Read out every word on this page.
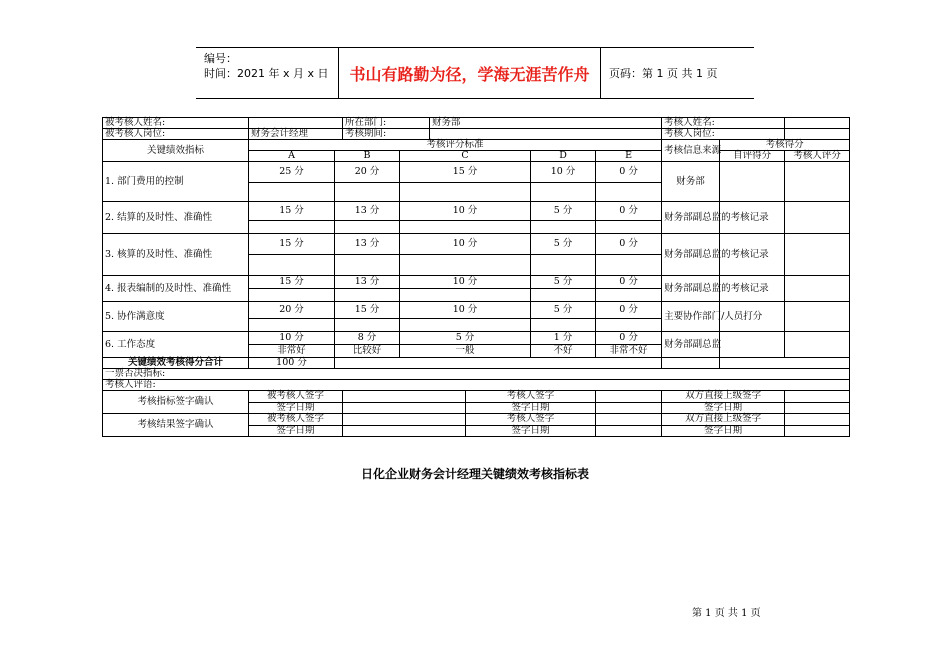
编号：
时间：2021 年 x 月 x 日	书山有路勤为径，学海无涯苦作舟	页码：第 1 页 共 1 页
被考核人姓名:			所在部门:		财务部				考核人姓名:		
被考核人岗位:	财务会计经理		考核期间:						考核人岗位:		
关键绩效指标	考核评分标准								考核信息来源	考核得分	
	A	B		C			D	E		自评得分	考核人评分
1. 部门费用的控制	25 分	20 分		15 分			10 分	0 分	财务部		

2. 结算的及时性、准确性	15 分	13 分		10 分			5 分	0 分	财务部副总监的考核记录		

3. 核算的及时性、准确性	15 分	13 分		10 分			5 分	0 分	财务部副总监的考核记录		

4. 报表编制的及时性、准确性	15 分	13 分		10 分			5 分	0 分	财务部副总监的考核记录		

5. 协作满意度	20 分	15 分		10 分			5 分	0 分	主要协作部门/人员打分		

6. 工作态度	10 分	8 分		5 分			1 分	0 分	财务部副总监		
	非常好	比较好		一般			不好	非常不好			
关键绩效考核得分合计	100 分										
一票否决指标:											
考核人评语:											
考核指标签字确认	被考核人签字					考核人签字			双方直接上级签字		
	签字日期					签字日期			签字日期		
考核结果签字确认	被考核人签字					考核人签字			双方直接上级签字		
	签字日期					签字日期			签字日期		
日化企业财务会计经理关键绩效考核指标表
第 1 页 共 1 页
